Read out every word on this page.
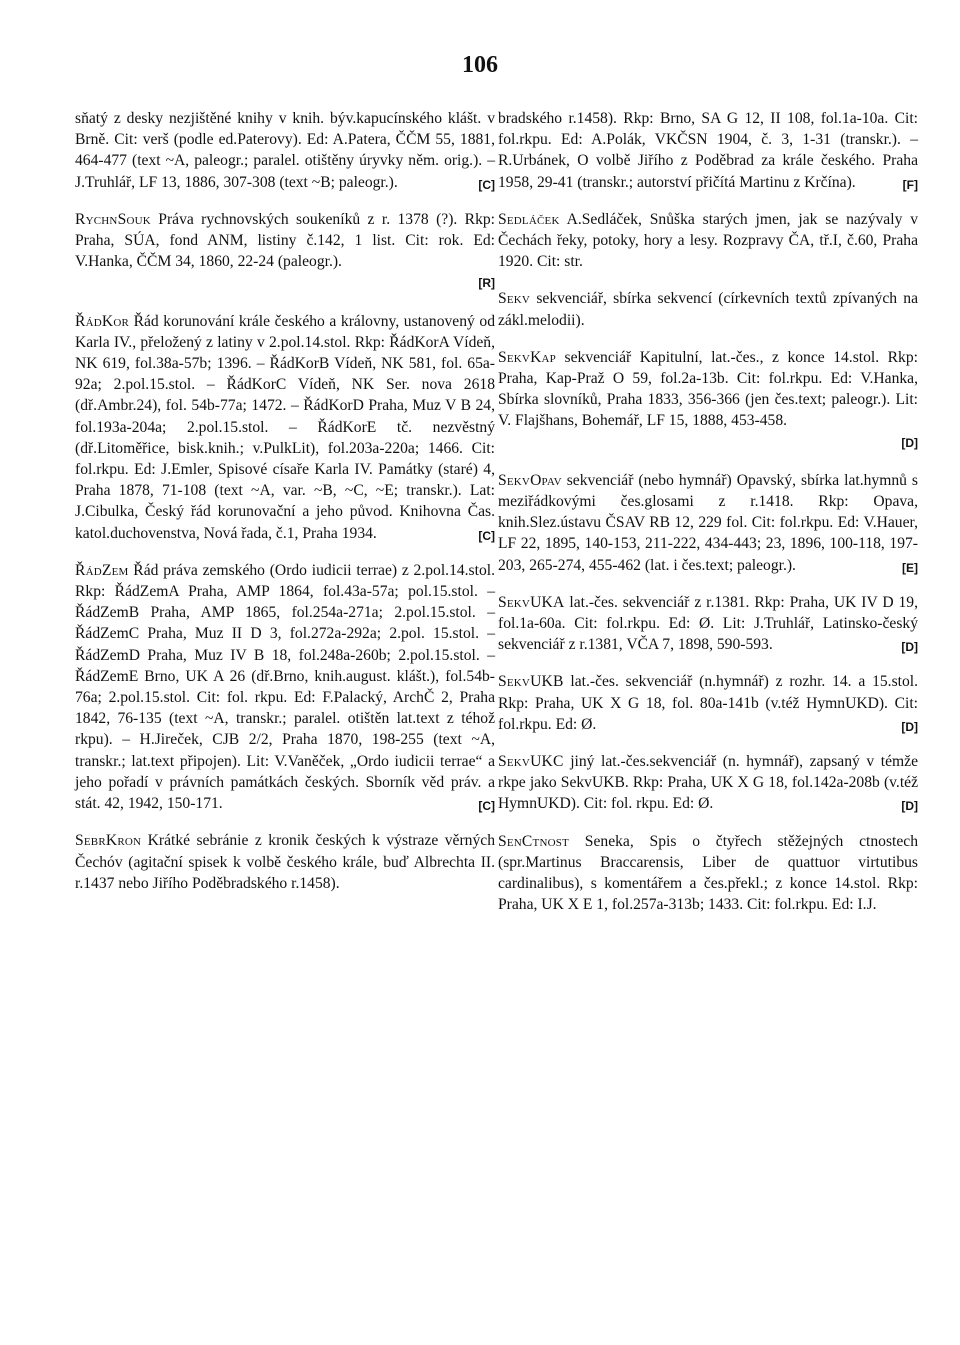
106

sňatý z desky nezjištěné knihy v knih. býv.kapucínského klášt. v Brně. Cit: verš (podle ed.Paterovy). Ed: A.Patera, ČČM 55, 1881, 464-477 (text ~A, paleogr.; paralel. otištěny úryvky něm. orig.). – J.Truhlář, LF 13, 1886, 307-308 (text ~B; paleogr.).	[C]

RychnSouk Práva rychnovských soukeníků z r. 1378 (?). Rkp: Praha, SÚA, fond ANM, listiny č.142, 1 list. Cit: rok. Ed: V.Hanka, ČČM 34, 1860, 22-24 (paleogr.).

[R]

ŘádKor Řád korunování krále českého a královny, ustanovený od Karla IV., přeložený z latiny v 2.pol.14.stol. Rkp: ŘádKorA Vídeň, NK 619, fol.38a-57b; 1396. – ŘádKorB Vídeň, NK 581, fol. 65a-92a; 2.pol.15.stol. – ŘádKorC Vídeň, NK Ser. nova 2618 (dř.Ambr.24), fol. 54b-77a; 1472. – ŘádKorD Praha, Muz V B 24, fol.193a-204a; 2.pol.15.stol. – ŘádKorE tč. nezvěstný (dř.Litoměřice, bisk.knih.; v.PulkLit), fol.203a-220a; 1466. Cit: fol.rkpu. Ed: J.Emler, Spisové císaře Karla IV. Památky (staré) 4, Praha 1878, 71-108 (text ~A, var. ~B, ~C, ~E; transkr.). Lat: J.Cibulka, Český řád korunovační a jeho původ. Knihovna Čas. katol.duchovenstva, Nová řada, č.1, Praha 1934.	[C]

ŘádZem Řád práva zemského (Ordo iudicii terrae) z 2.pol.14.stol. Rkp: ŘádZemA Praha, AMP 1864, fol.43a-57a; pol.15.stol. – ŘádZemB Praha, AMP 1865, fol.254a-271a; 2.pol.15.stol. – ŘádZemC Praha, Muz II D 3, fol.272a-292a; 2.pol. 15.stol. – ŘádZemD Praha, Muz IV B 18, fol.248a-260b; 2.pol.15.stol. – ŘádZemE Brno, UK A 26 (dř.Brno, knih.august. klášt.), fol.54b-76a; 2.pol.15.stol. Cit: fol. rkpu. Ed: F.Palacký, ArchČ 2, Praha 1842, 76-135 (text ~A, transkr.; paralel. otištěn lat.text z téhož rkpu). – H.Jireček, CJB 2/2, Praha 1870, 198-255 (text ~A, transkr.; lat.text připojen). Lit: V.Vaněček, „Ordo iudicii terrae“ a jeho pořadí v právních památkách českých. Sborník věd práv. a stát. 42, 1942, 150-171.	[C]

SebrKron Krátké sebránie z kronik českých k výstraze věrných Čechóv (agitační spisek k volbě českého krále, buď Albrechta II. r.1437 nebo Jiřího Poděbradského r.1458).

bradského r.1458). Rkp: Brno, SA G 12, II 108, fol.1a-10a. Cit: fol.rkpu. Ed: A.Polák, VKČSN 1904, č. 3, 1-31 (transkr.). – R.Urbánek, O volbě Jiřího z Poděbrad za krále českého. Praha 1958, 29-41 (transkr.; autorství přičítá Martinu z Krčína).	[F]

Sedláček A.Sedláček, Snůška starých jmen, jak se nazývaly v Čechách řeky, potoky, hory a lesy. Rozpravy ČA, tř.I, č.60, Praha 1920. Cit: str.

Sekv sekvenciář, sbírka sekvencí (církevních textů zpívaných na zákl.melodii).

SekvKap sekvenciář Kapitulní, lat.-čes., z konce 14.stol. Rkp: Praha, Kap-Praž O 59, fol.2a-13b. Cit: fol.rkpu. Ed: V.Hanka, Sbírka slovníků, Praha 1833, 356-366 (jen čes.text; paleogr.). Lit: V. Flajšhans, Bohemář, LF 15, 1888, 453-458.

[D]

SekvOpav sekvenciář (nebo hymnář) Opavský, sbírka lat.hymnů s meziřádkovými čes.glosami z r.1418. Rkp: Opava, knih.Slez.ústavu ČSAV RB 12, 229 fol. Cit: fol.rkpu. Ed: V.Hauer, LF 22, 1895, 140-153, 211-222, 434-443; 23, 1896, 100-118, 197-203, 265-274, 455-462 (lat. i čes.text; paleogr.).	[E]

SekvUKA lat.-čes. sekvenciář z r.1381. Rkp: Praha, UK IV D 19, fol.1a-60a. Cit: fol.rkpu. Ed: Ø. Lit: J.Truhlář, Latinsko-český sekvenciář z r.1381, VČA 7, 1898, 590-593.	[D]

SekvUKB lat.-čes. sekvenciář (n.hymnář) z rozhr. 14. a 15.stol. Rkp: Praha, UK X G 18, fol. 80a-141b (v.též HymnUKD). Cit: fol.rkpu. Ed: Ø.	[D]

SekvUKC jiný lat.-čes.sekvenciář (n. hymnář), zapsaný v témže rkpe jako SekvUKB. Rkp: Praha, UK X G 18, fol.142a-208b (v.též HymnUKD). Cit: fol. rkpu. Ed: Ø.	[D]

SenCtnost Seneka, Spis o čtyřech stěžejných ctnostech (spr.Martinus Braccarensis, Liber de quattuor virtutibus cardinalibus), s komentářem a čes.překl.; z konce 14.stol. Rkp: Praha, UK X E 1, fol.257a-313b; 1433. Cit: fol.rkpu. Ed: I.J.
